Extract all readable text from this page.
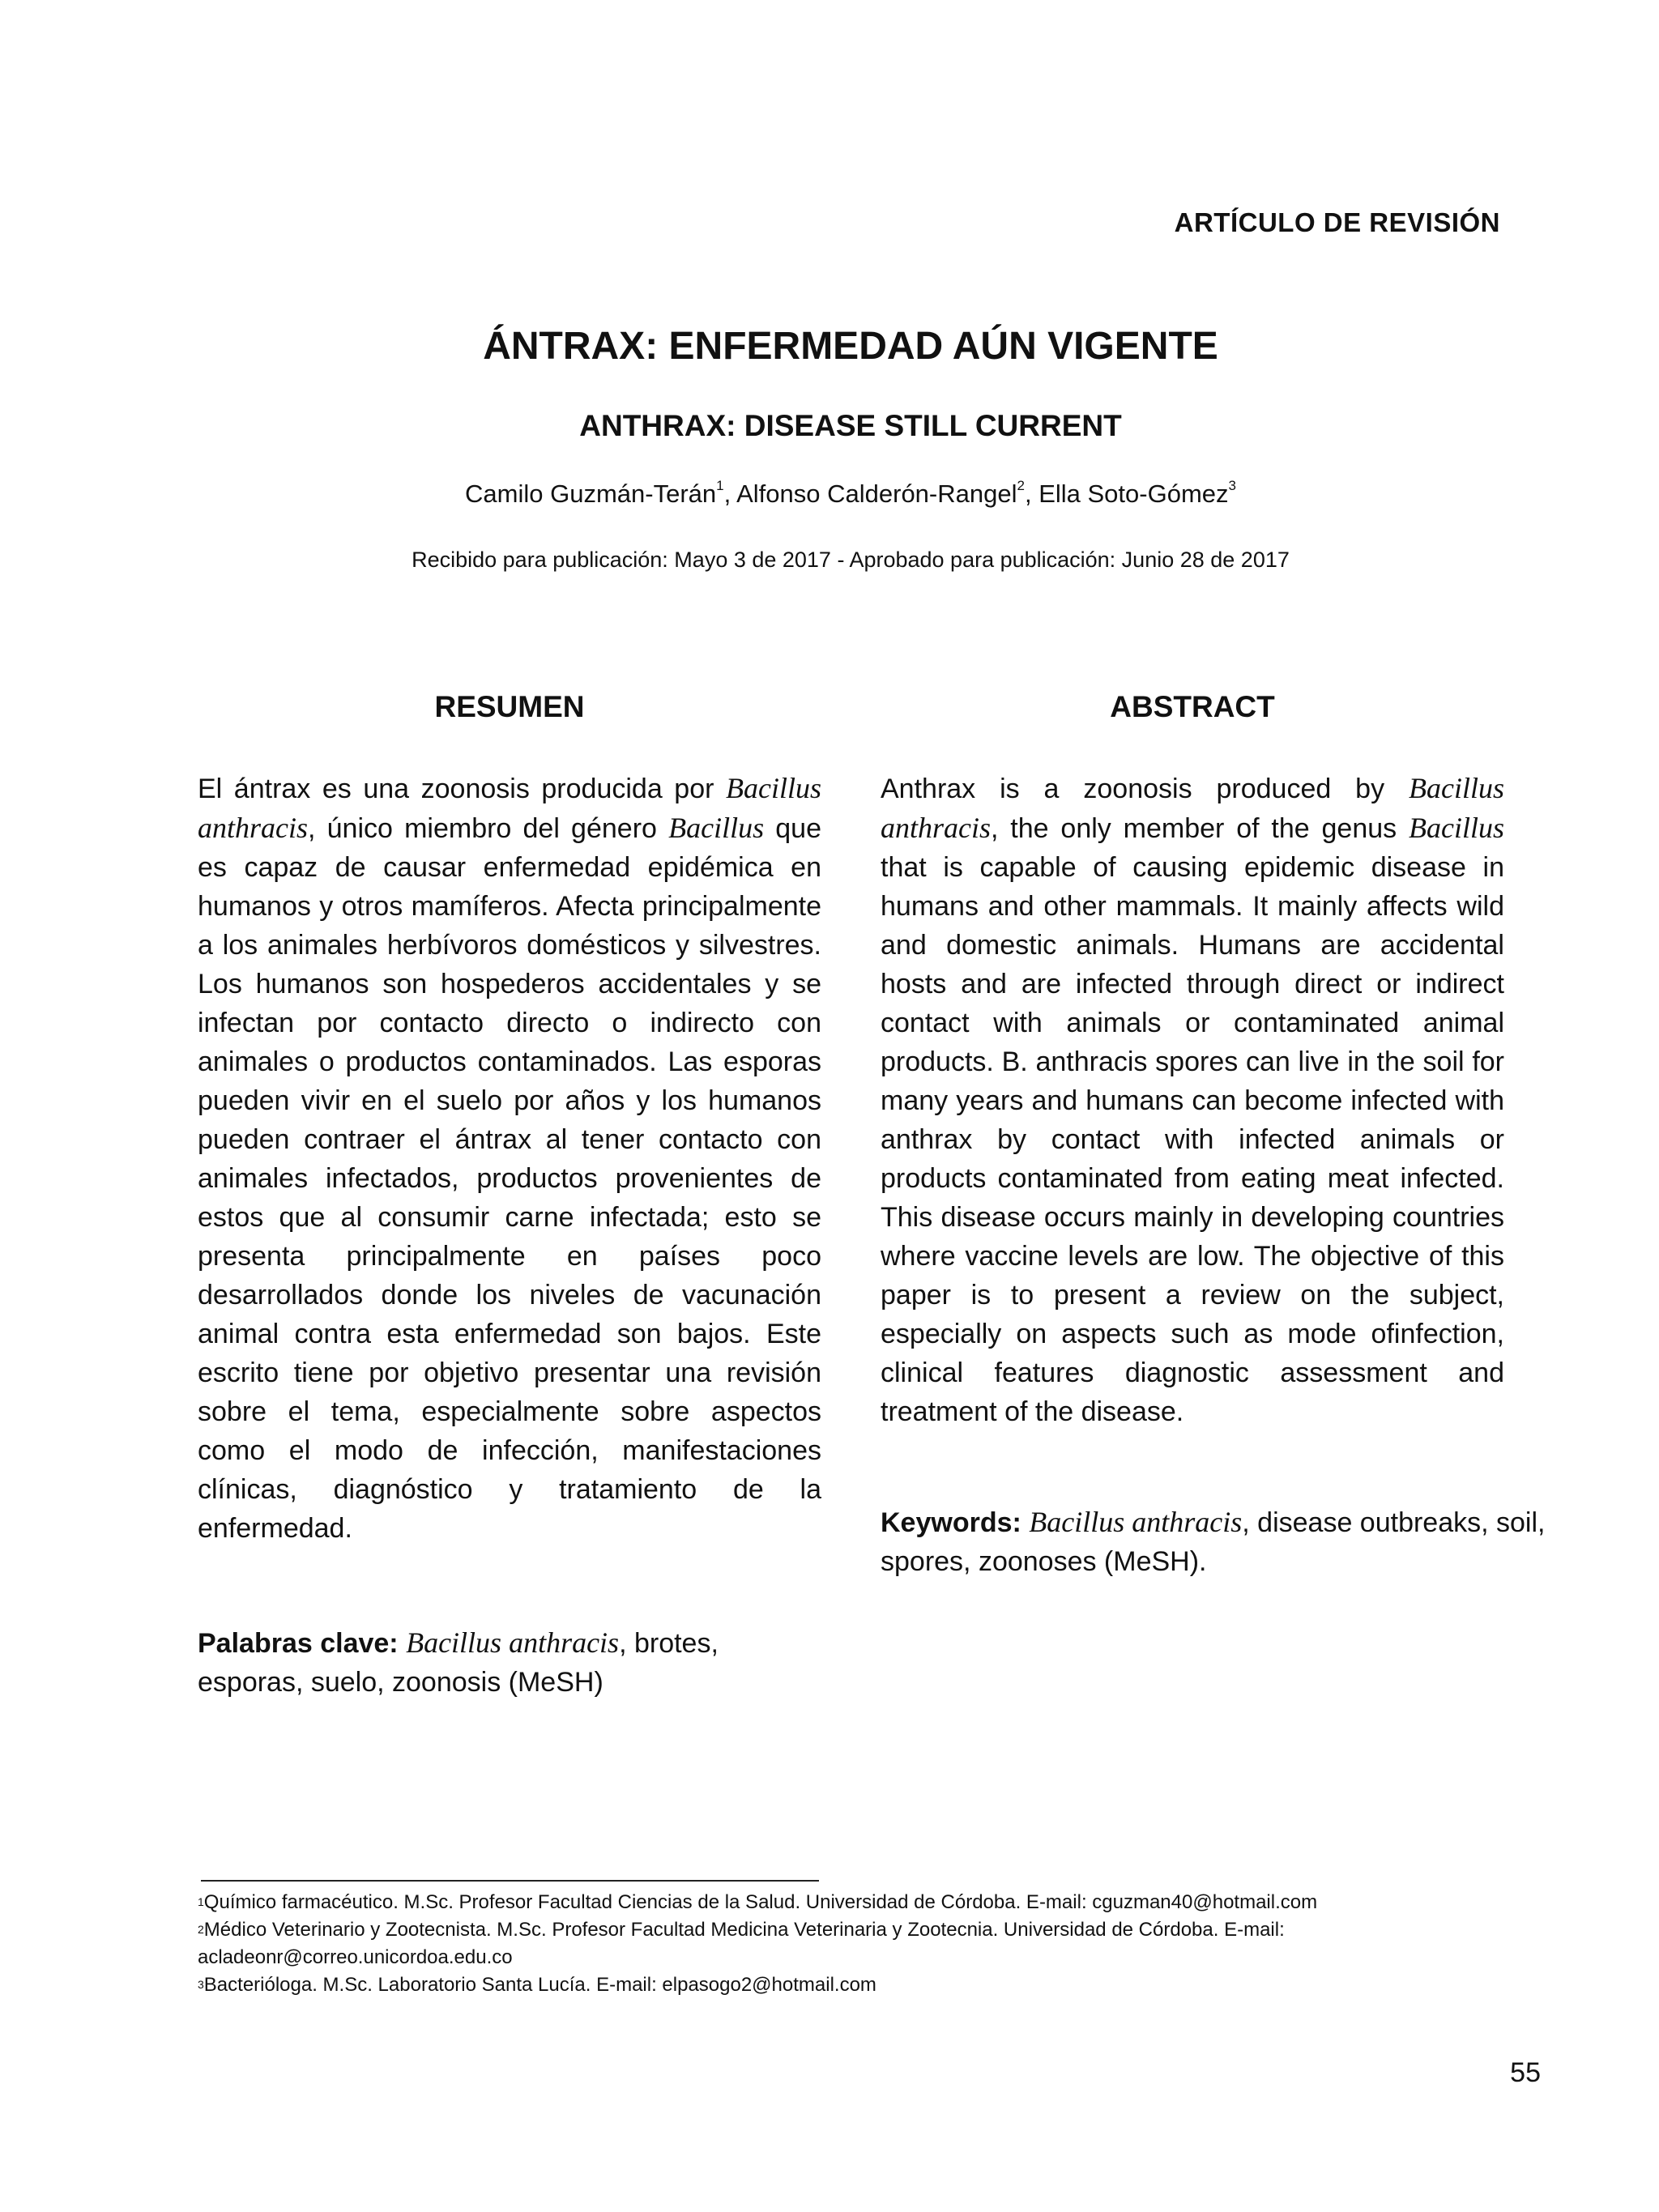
ARTÍCULO DE REVISIÓN
ÁNTRAX: ENFERMEDAD AÚN VIGENTE
ANTHRAX: DISEASE STILL CURRENT
Camilo Guzmán-Terán$^1$, Alfonso Calderón-Rangel$^2$, Ella Soto-Gómez$^3$
Recibido para publicación: Mayo 3 de 2017 - Aprobado para publicación: Junio 28 de 2017
RESUMEN	ABSTRACT
El ántrax es una zoonosis producida por Bacillus anthracis, único miembro del género Bacillus que es capaz de causar enfermedad epidémica en humanos y otros mamíferos. Afecta principalmente a los animales herbívoros domésticos y silvestres. Los humanos son hospederos accidentales y se infectan por contacto directo o indirecto con animales o productos contaminados. Las esporas pueden vivir en el suelo por años y los humanos pueden contraer el ántrax al tener contacto con animales infectados, productos provenientes de estos que al consumir carne infectada; esto se presenta principalmente en países poco desarrollados donde los niveles de vacunación animal contra esta enfermedad son bajos. Este escrito tiene por objetivo presentar una revisión sobre el tema, especialmente sobre aspectos como el modo de infección, manifestaciones clínicas, diagnóstico y tratamiento de la enfermedad.
Anthrax is a zoonosis produced by Bacillus anthracis, the only member of the genus Bacillus that is capable of causing epidemic disease in humans and other mammals. It mainly affects wild and domestic animals. Humans are accidental hosts and are infected through direct or indirect contact with animals or contaminated animal products. B. anthracis spores can live in the soil for many years and humans can become infected with anthrax by contact with infected animals or products contaminated from eating meat infected. This disease occurs mainly in developing countries where vaccine levels are low. The objective of this paper is to present a review on the subject, especially on aspects such as mode ofinfection, clinical features diagnostic assessment and treatment of the disease.
Palabras clave: Bacillus anthracis, brotes, esporas, suelo, zoonosis (MeSH)
Keywords: Bacillus anthracis, disease outbreaks, soil, spores, zoonoses (MeSH).
$^1$Químico farmacéutico. M.Sc. Profesor Facultad Ciencias de la Salud. Universidad de Córdoba. E-mail: cguzman40@hotmail.com
$^2$Médico Veterinario y Zootecnista. M.Sc. Profesor Facultad Medicina Veterinaria y Zootecnia. Universidad de Córdoba. E-mail: acladeonr@correo.unicordoa.edu.co
$^3$Bacterióloga. M.Sc. Laboratorio Santa Lucía. E-mail: elpasogo2@hotmail.com
55
